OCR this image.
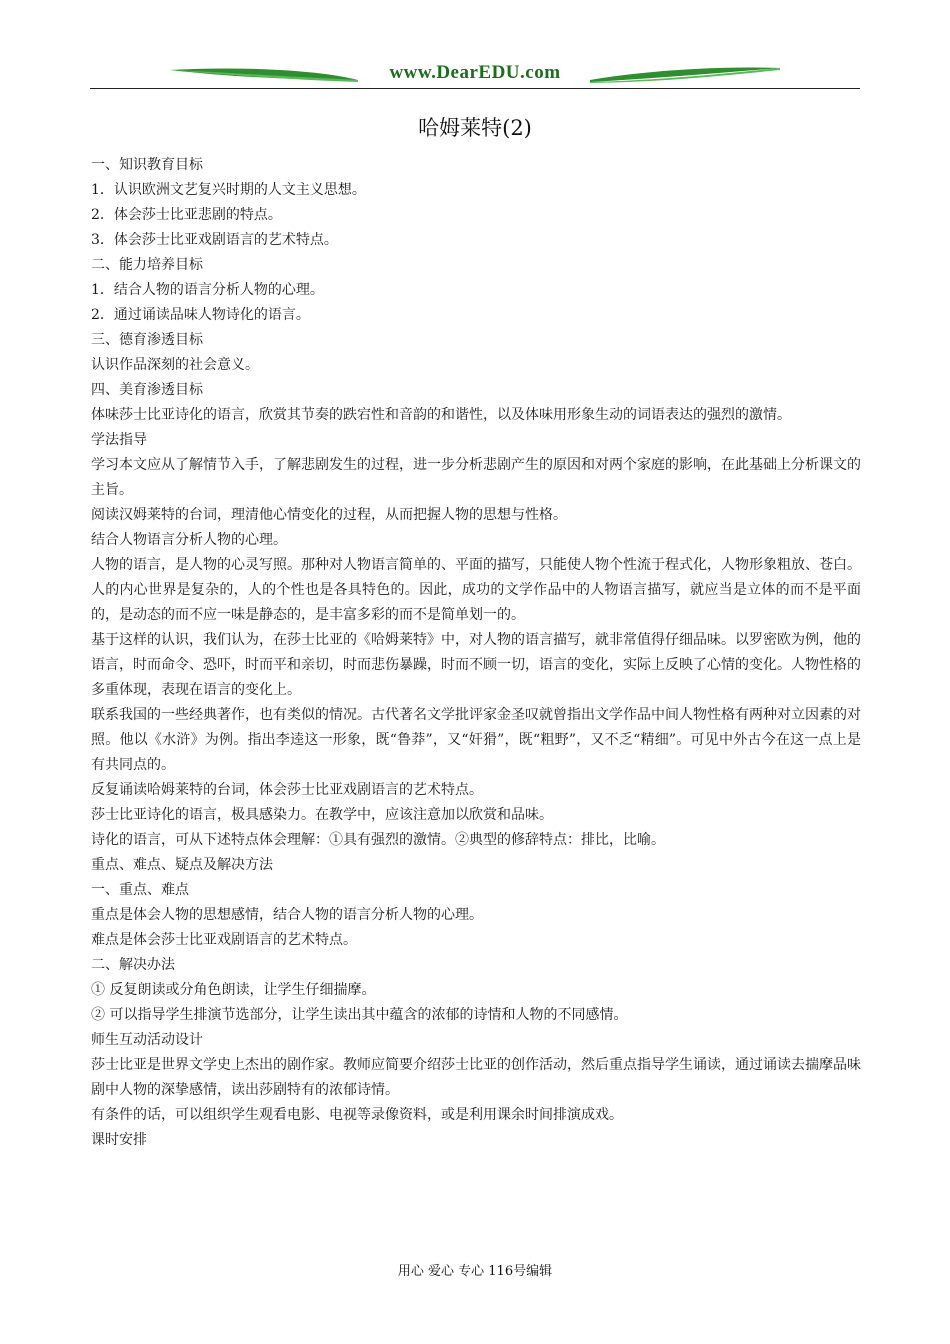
www.DearEDU.com
哈姆莱特(2)

一、知识教育目标

1．认识欧洲文艺复兴时期的人文主义思想。

2．体会莎士比亚悲剧的特点。

3．体会莎士比亚戏剧语言的艺术特点。

二、能力培养目标

1．结合人物的语言分析人物的心理。

2．通过诵读品味人物诗化的语言。

三、德育渗透目标

认识作品深刻的社会意义。

四、美育渗透目标

体味莎士比亚诗化的语言，欣赏其节奏的跌宕性和音韵的和谐性，以及体味用形象生动的词语表达的强烈的激情。

学法指导

学习本文应从了解情节入手，了解悲剧发生的过程，进一步分析悲剧产生的原因和对两个家庭的影响，在此基础上分析课文的主旨。

阅读汉姆莱特的台词，理清他心情变化的过程，从而把握人物的思想与性格。

结合人物语言分析人物的心理。

人物的语言，是人物的心灵写照。那种对人物语言简单的、平面的描写，只能使人物个性流于程式化，人物形象粗放、苍白。

人的内心世界是复杂的，人的个性也是各具特色的。因此，成功的文学作品中的人物语言描写，就应当是立体的而不是平面的，是动态的而不应一味是静态的，是丰富多彩的而不是简单划一的。

基于这样的认识，我们认为，在莎士比亚的《哈姆莱特》中，对人物的语言描写，就非常值得仔细品味。以罗密欧为例，他的语言，时而命令、恐吓，时而平和亲切，时而悲伤暴躁，时而不顾一切，语言的变化，实际上反映了心情的变化。人物性格的多重体现，表现在语言的变化上。

联系我国的一些经典著作，也有类似的情况。古代著名文学批评家金圣叹就曾指出文学作品中间人物性格有两种对立因素的对照。他以《水浒》为例。指出李逵这一形象，既“鲁莽”，又“奸猾”，既“粗野”，又不乏“精细”。可见中外古今在这一点上是有共同点的。

反复诵读哈姆莱特的台词，体会莎士比亚戏剧语言的艺术特点。

莎士比亚诗化的语言，极具感染力。在教学中，应该注意加以欣赏和品味。

诗化的语言，可从下述特点体会理解：①具有强烈的激情。②典型的修辞特点：排比，比喻。

重点、难点、疑点及解决方法

一、重点、难点

重点是体会人物的思想感情，结合人物的语言分析人物的心理。

难点是体会莎士比亚戏剧语言的艺术特点。

二、解决办法

① 反复朗读或分角色朗读，让学生仔细揣摩。

② 可以指导学生排演节选部分，让学生读出其中蕴含的浓郁的诗情和人物的不同感情。

师生互动活动设计

莎士比亚是世界文学史上杰出的剧作家。教师应简要介绍莎士比亚的创作活动，然后重点指导学生诵读，通过诵读去揣摩品味剧中人物的深挚感情，读出莎剧特有的浓郁诗情。

有条件的话，可以组织学生观看电影、电视等录像资料，或是利用课余时间排演成戏。

课时安排

用心 爱心 专心 116号编辑
